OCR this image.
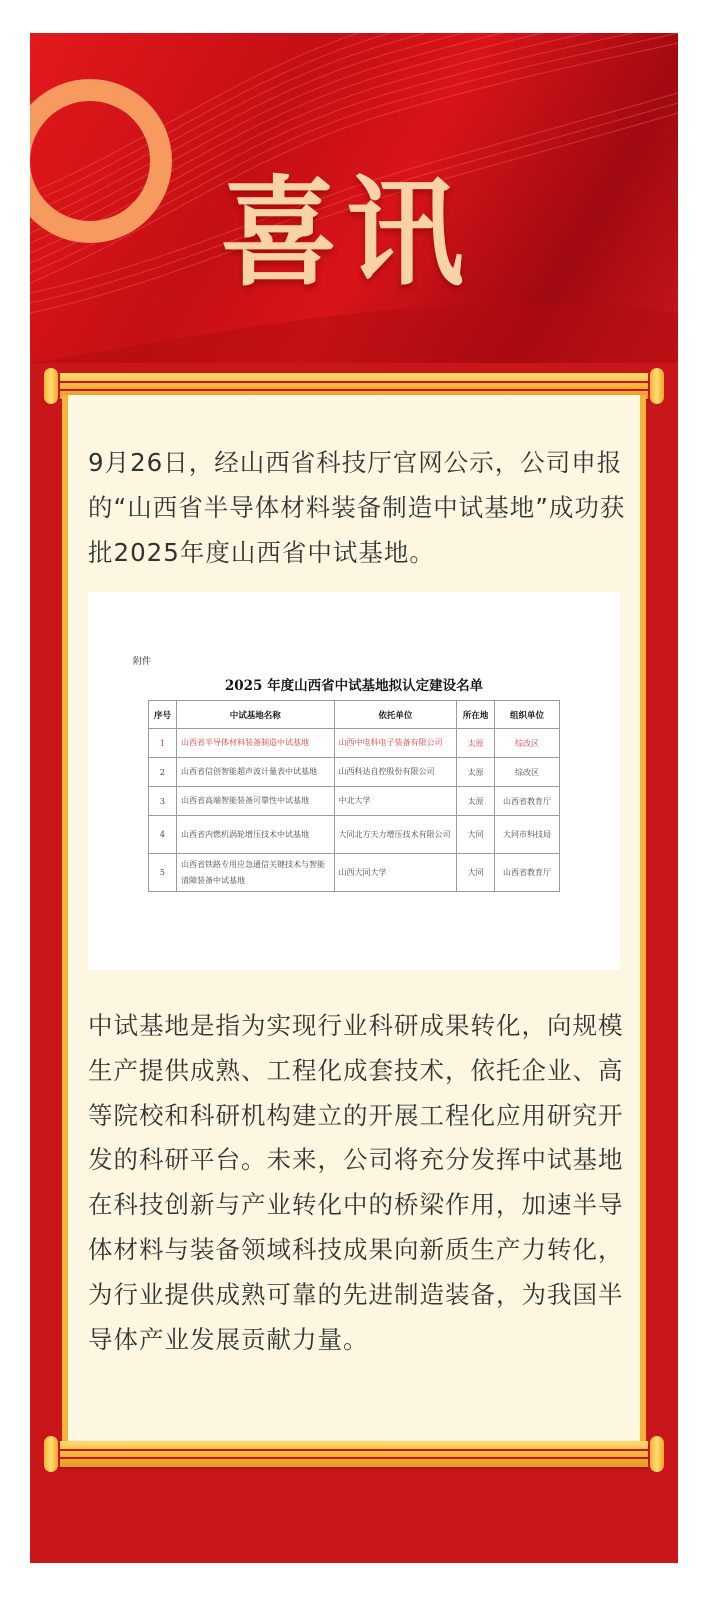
喜讯

9月26日，经山西省科技厅官网公示，公司申报的“山西省半导体材料装备制造中试基地”成功获批2025年度山西省中试基地。

附件
2025 年度山西省中试基地拟认定建设名单
序号	中试基地名称	依托单位	所在地	组织单位
1	山西省半导体材料装备制造中试基地	山西中电科电子装备有限公司	太原	综改区
2	山西省信创智能超声波计量表中试基地	山西科达自控股份有限公司	太原	综改区
3	山西省高端智能装备可靠性中试基地	中北大学	太原	山西省教育厅
4	山西省内燃机涡轮增压技术中试基地	大同北方天力增压技术有限公司	大同	大同市科技局
5	山西省铁路专用应急通信关键技术与智能清障装备中试基地	山西大同大学	大同	山西省教育厅

中试基地是指为实现行业科研成果转化，向规模生产提供成熟、工程化成套技术，依托企业、高等院校和科研机构建立的开展工程化应用研究开发的科研平台。未来，公司将充分发挥中试基地在科技创新与产业转化中的桥梁作用，加速半导体材料与装备领域科技成果向新质生产力转化，为行业提供成熟可靠的先进制造装备，为我国半导体产业发展贡献力量。
